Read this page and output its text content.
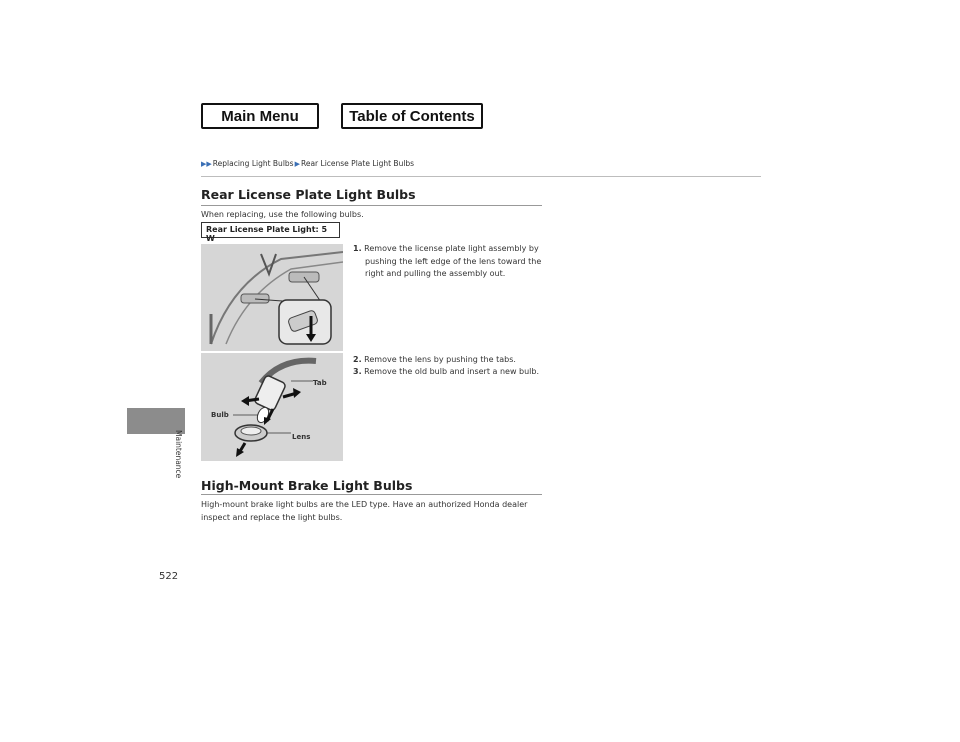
Main Menu	Table of Contents
▶▶ Replacing Light Bulbs ▶ Rear License Plate Light Bulbs
Maintenance
522
Rear License Plate Light Bulbs
When replacing, use the following bulbs.
Rear License Plate Light: 5 W
Tab
Bulb
Lens
1. Remove the license plate light assembly by pushing the left edge of the lens toward the right and pulling the assembly out.
2. Remove the lens by pushing the tabs.
3. Remove the old bulb and insert a new bulb.
High-Mount Brake Light Bulbs
High-mount brake light bulbs are the LED type. Have an authorized Honda dealer inspect and replace the light bulbs.
